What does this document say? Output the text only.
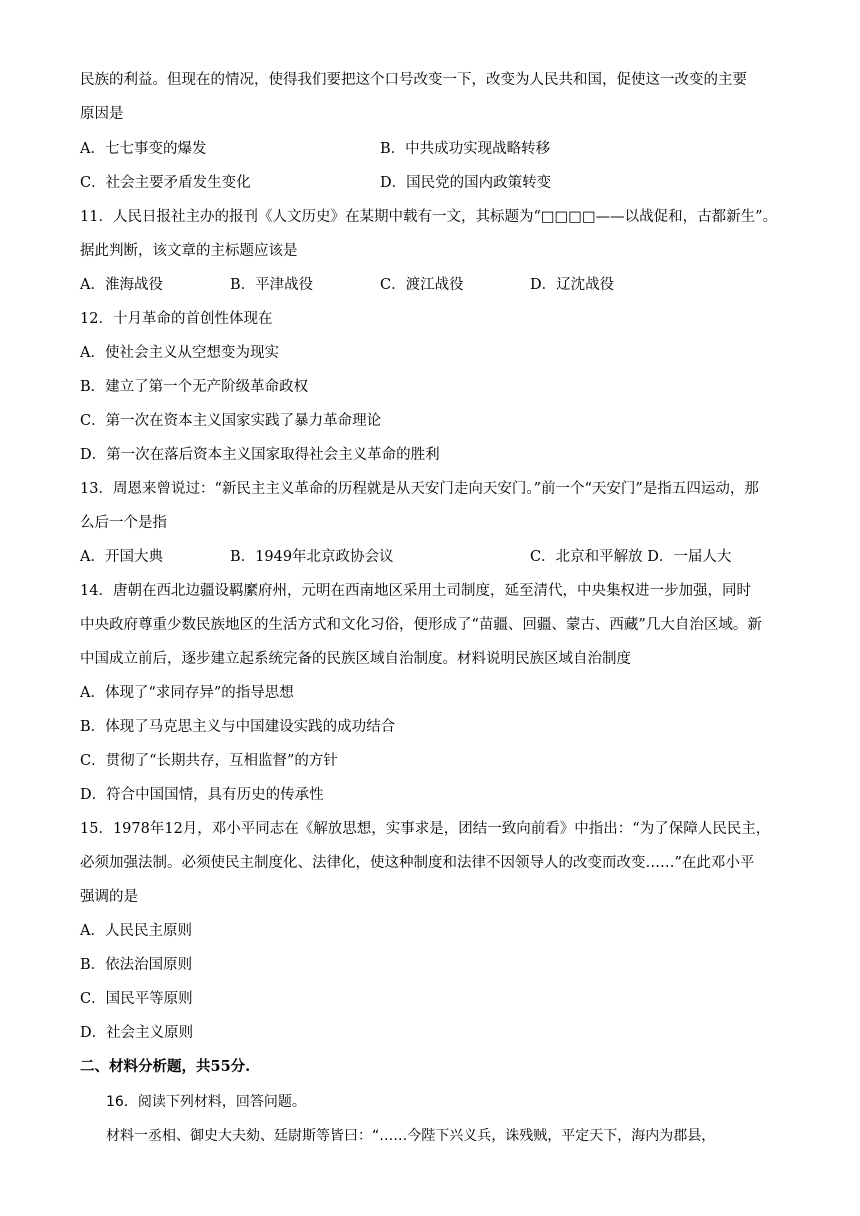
民族的利益。但现在的情况，使得我们要把这个口号改变一下，改变为人民共和国，促使这一改变的主要
原因是
A．七七事变的爆发	B．中共成功实现战略转移
C．社会主要矛盾发生变化	D．国民党的国内政策转变
11．人民日报社主办的报刊《人文历史》在某期中载有一文，其标题为“□□□□——以战促和，古都新生”。
据此判断，该文章的主标题应该是
A．淮海战役	B．平津战役	C．渡江战役	D．辽沈战役
12．十月革命的首创性体现在
A．使社会主义从空想变为现实
B．建立了第一个无产阶级革命政权
C．第一次在资本主义国家实践了暴力革命理论
D．第一次在落后资本主义国家取得社会主义革命的胜利
13．周恩来曾说过：“新民主主义革命的历程就是从天安门走向天安门。”前一个“天安门”是指五四运动，那
么后一个是指
A．开国大典	B．1949年北京政协会议	C．北京和平解放 D．一届人大
14．唐朝在西北边疆设羁縻府州，元明在西南地区采用土司制度，延至清代，中央集权进一步加强，同时
中央政府尊重少数民族地区的生活方式和文化习俗，便形成了“苗疆、回疆、蒙古、西藏”几大自治区域。新
中国成立前后，逐步建立起系统完备的民族区域自治制度。材料说明民族区域自治制度
A．体现了“求同存异”的指导思想
B．体现了马克思主义与中国建设实践的成功结合
C．贯彻了“长期共存，互相监督”的方针
D．符合中国国情，具有历史的传承性
15．1978年12月，邓小平同志在《解放思想，实事求是，团结一致向前看》中指出：“为了保障人民民主，
必须加强法制。必须使民主制度化、法律化，使这种制度和法律不因领导人的改变而改变……”在此邓小平
强调的是
A．人民民主原则
B．依法治国原则
C．国民平等原则
D．社会主义原则
二、材料分析题，共55分.
16．阅读下列材料，回答问题。
材料一丞相、御史大夫劾、廷尉斯等皆曰：“……今陛下兴义兵，诛残贼，平定天下，海内为郡县，
